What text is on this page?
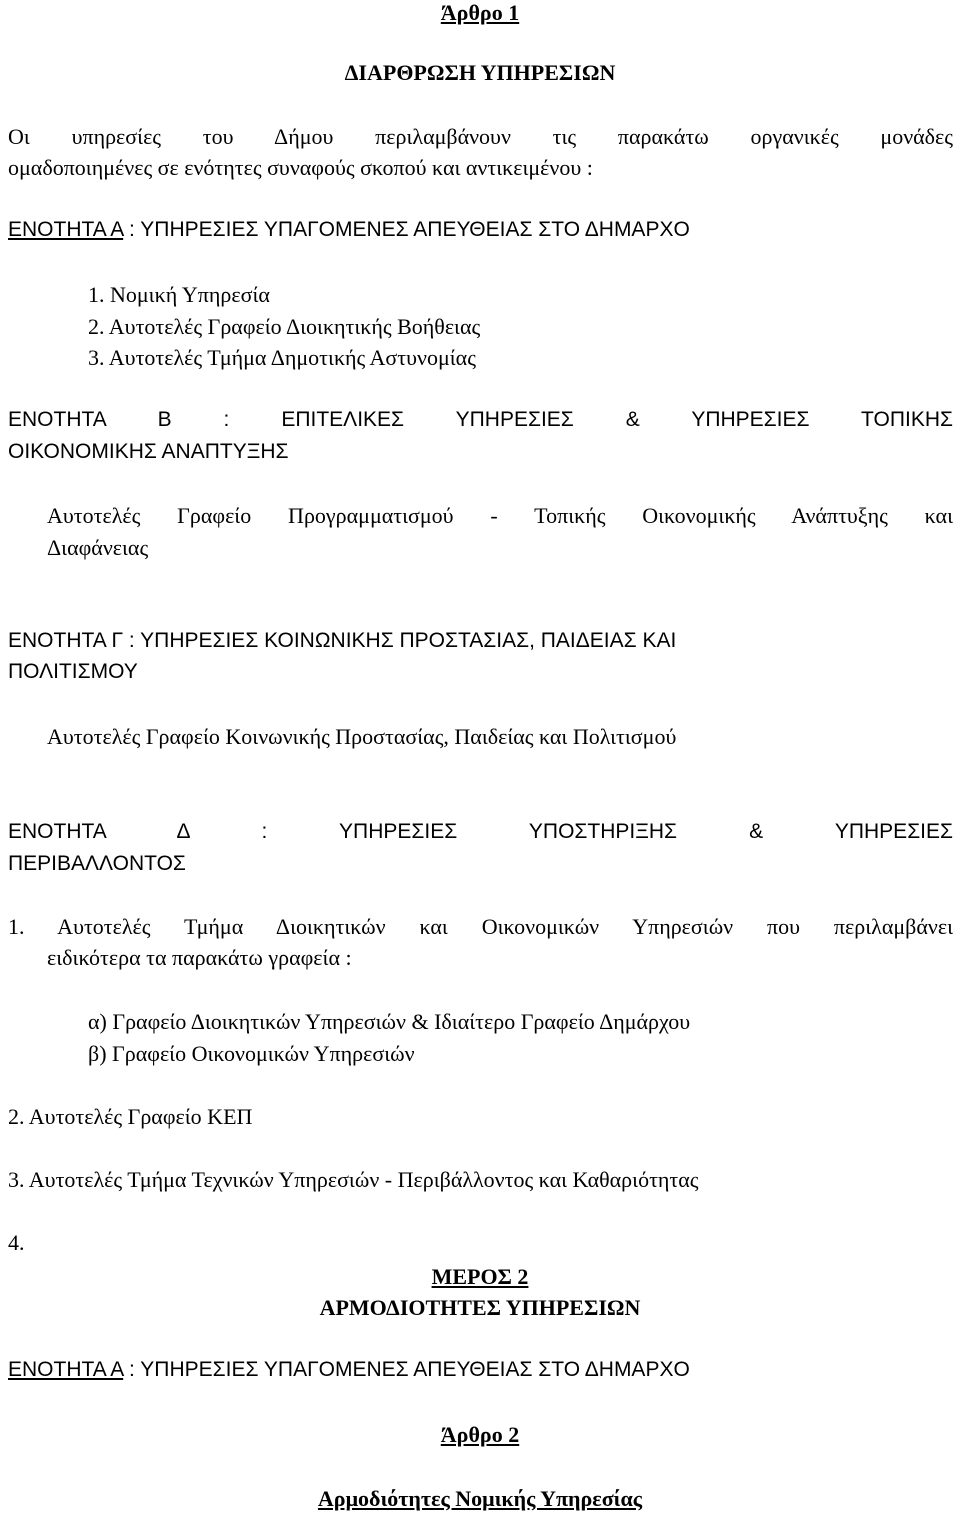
Άρθρο 1
ΔΙΑΡΘΡΩΣΗ ΥΠΗΡΕΣΙΩΝ
Οι υπηρεσίες του Δήμου περιλαμβάνουν τις παρακάτω οργανικές μονάδες
ομαδοποιημένες σε ενότητες συναφούς σκοπού και αντικειμένου :
ΕΝΟΤΗΤΑ Α : ΥΠΗΡΕΣΙΕΣ ΥΠΑΓΟΜΕΝΕΣ ΑΠΕΥΘΕΙΑΣ ΣΤΟ ΔΗΜΑΡΧΟ
1. Νομική Υπηρεσία
2. Αυτοτελές Γραφείο Διοικητικής Βοήθειας
3. Αυτοτελές Τμήμα Δημοτικής Αστυνομίας
ΕΝΟΤΗΤΑ Β : ΕΠΙΤΕΛΙΚΕΣ ΥΠΗΡΕΣΙΕΣ & ΥΠΗΡΕΣΙΕΣ ΤΟΠΙΚΗΣ
ΟΙΚΟΝΟΜΙΚΗΣ ΑΝΑΠΤΥΞΗΣ
Αυτοτελές Γραφείο Προγραμματισμού - Τοπικής Οικονομικής Ανάπτυξης και
Διαφάνειας
ΕΝΟΤΗΤΑ Γ : ΥΠΗΡΕΣΙΕΣ ΚΟΙΝΩΝΙΚΗΣ ΠΡΟΣΤΑΣΙΑΣ, ΠΑΙΔΕΙΑΣ ΚΑΙ
ΠΟΛΙΤΙΣΜΟΥ
Αυτοτελές Γραφείο Κοινωνικής Προστασίας, Παιδείας και Πολιτισμού
ΕΝΟΤΗΤΑ Δ : ΥΠΗΡΕΣΙΕΣ ΥΠΟΣΤΗΡΙΞΗΣ & ΥΠΗΡΕΣΙΕΣ
ΠΕΡΙΒΑΛΛΟΝΤΟΣ
1. Αυτοτελές Τμήμα Διοικητικών και Οικονομικών Υπηρεσιών που περιλαμβάνει
ειδικότερα τα παρακάτω γραφεία :
α) Γραφείο Διοικητικών Υπηρεσιών & Ιδιαίτερο Γραφείο Δημάρχου
β) Γραφείο Οικονομικών Υπηρεσιών
2. Αυτοτελές Γραφείο ΚΕΠ
3. Αυτοτελές Τμήμα Τεχνικών Υπηρεσιών - Περιβάλλοντος και Καθαριότητας
4.
ΜΕΡΟΣ 2
ΑΡΜΟΔΙΟΤΗΤΕΣ ΥΠΗΡΕΣΙΩΝ
ΕΝΟΤΗΤΑ Α : ΥΠΗΡΕΣΙΕΣ ΥΠΑΓΟΜΕΝΕΣ ΑΠΕΥΘΕΙΑΣ ΣΤΟ ΔΗΜΑΡΧΟ
Άρθρο 2
Αρμοδιότητες Νομικής Υπηρεσίας
